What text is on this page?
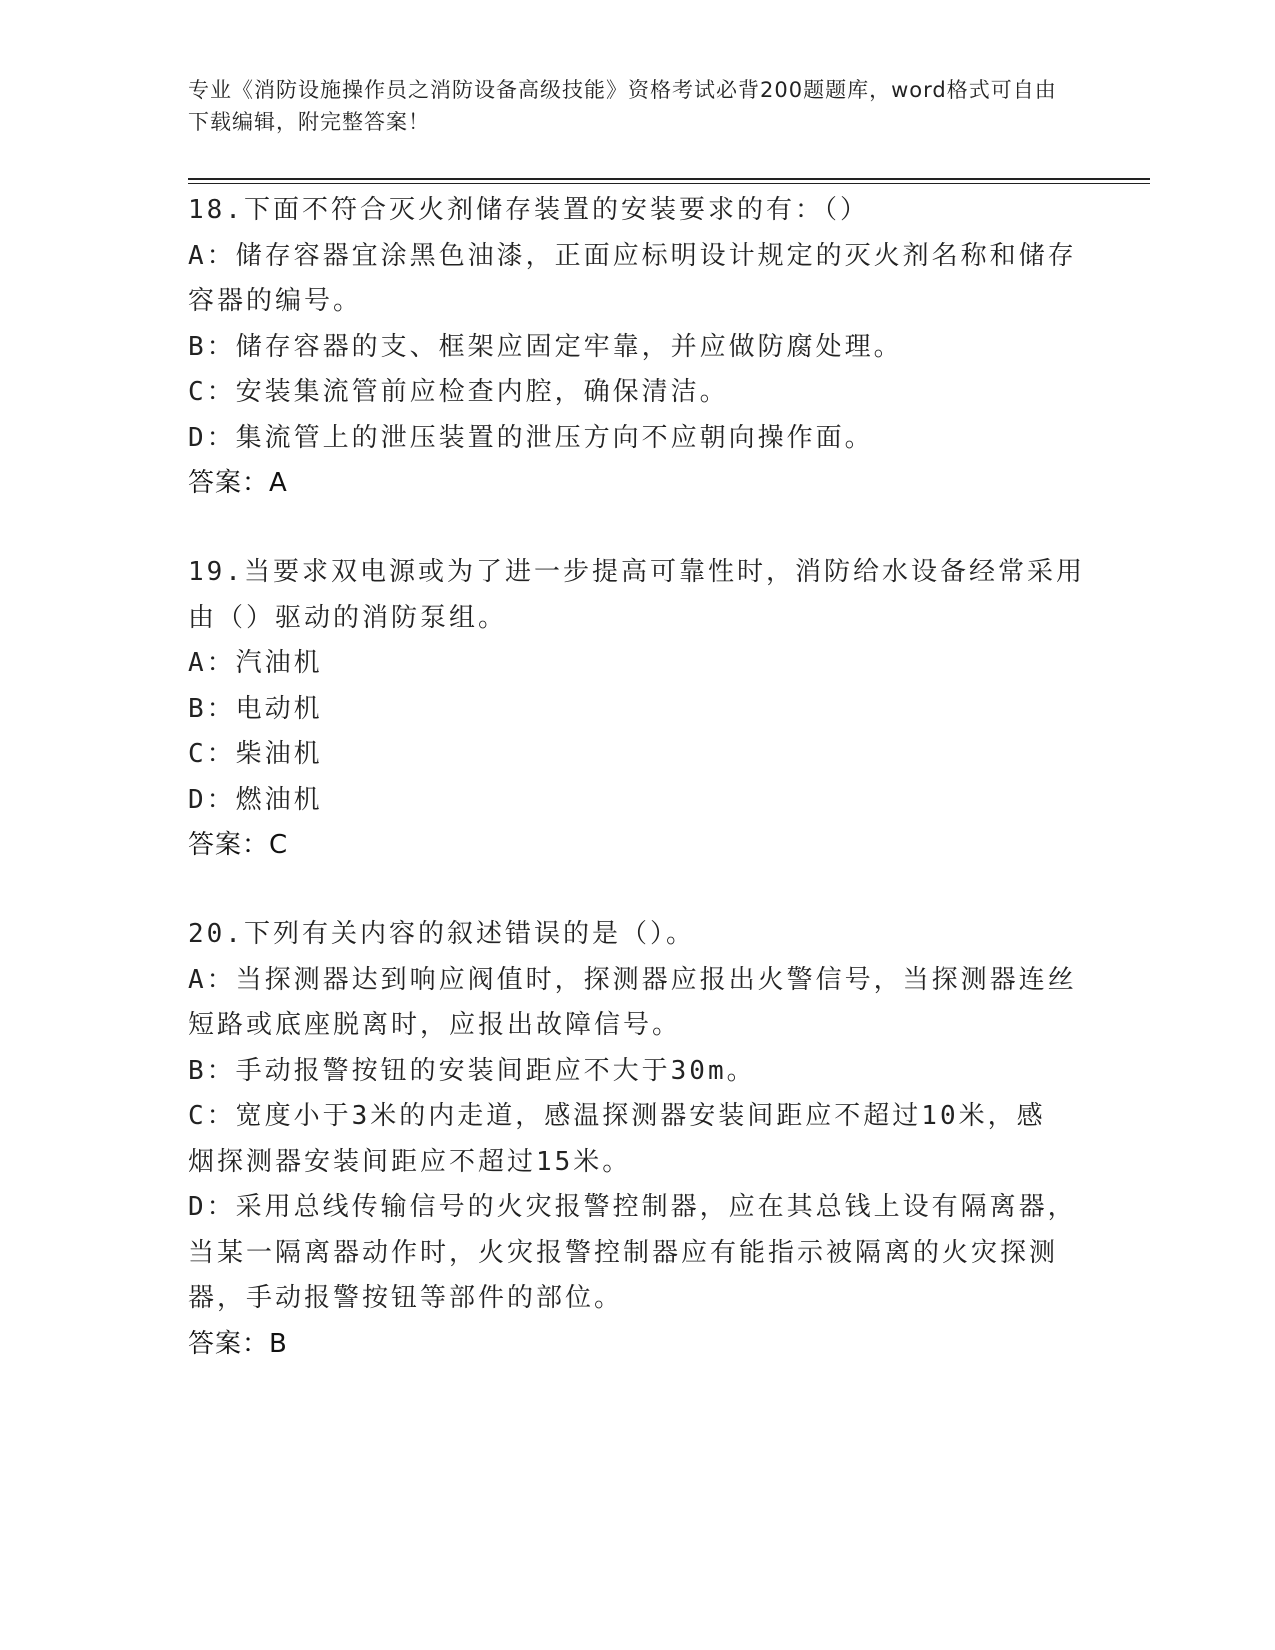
专业《消防设施操作员之消防设备高级技能》资格考试必背200题题库，word格式可自由下载编辑，附完整答案！
18.下面不符合灭火剂储存装置的安装要求的有：（）
A：储存容器宜涂黑色油漆，正面应标明设计规定的灭火剂名称和储存
容器的编号。
B：储存容器的支、框架应固定牢靠，并应做防腐处理。
C：安装集流管前应检查内腔，确保清洁。
D：集流管上的泄压装置的泄压方向不应朝向操作面。
答案：A
19.当要求双电源或为了进一步提高可靠性时，消防给水设备经常采用
由（）驱动的消防泵组。
A：汽油机
B：电动机
C：柴油机
D：燃油机
答案：C
20.下列有关内容的叙述错误的是（）。
A：当探测器达到响应阀值时，探测器应报出火警信号，当探测器连丝
短路或底座脱离时，应报出故障信号。
B：手动报警按钮的安装间距应不大于30m。
C：宽度小于3米的内走道，感温探测器安装间距应不超过10米，感
烟探测器安装间距应不超过15米。
D：采用总线传输信号的火灾报警控制器，应在其总钱上设有隔离器，
当某一隔离器动作时，火灾报警控制器应有能指示被隔离的火灾探测
器，手动报警按钮等部件的部位。
答案：B
